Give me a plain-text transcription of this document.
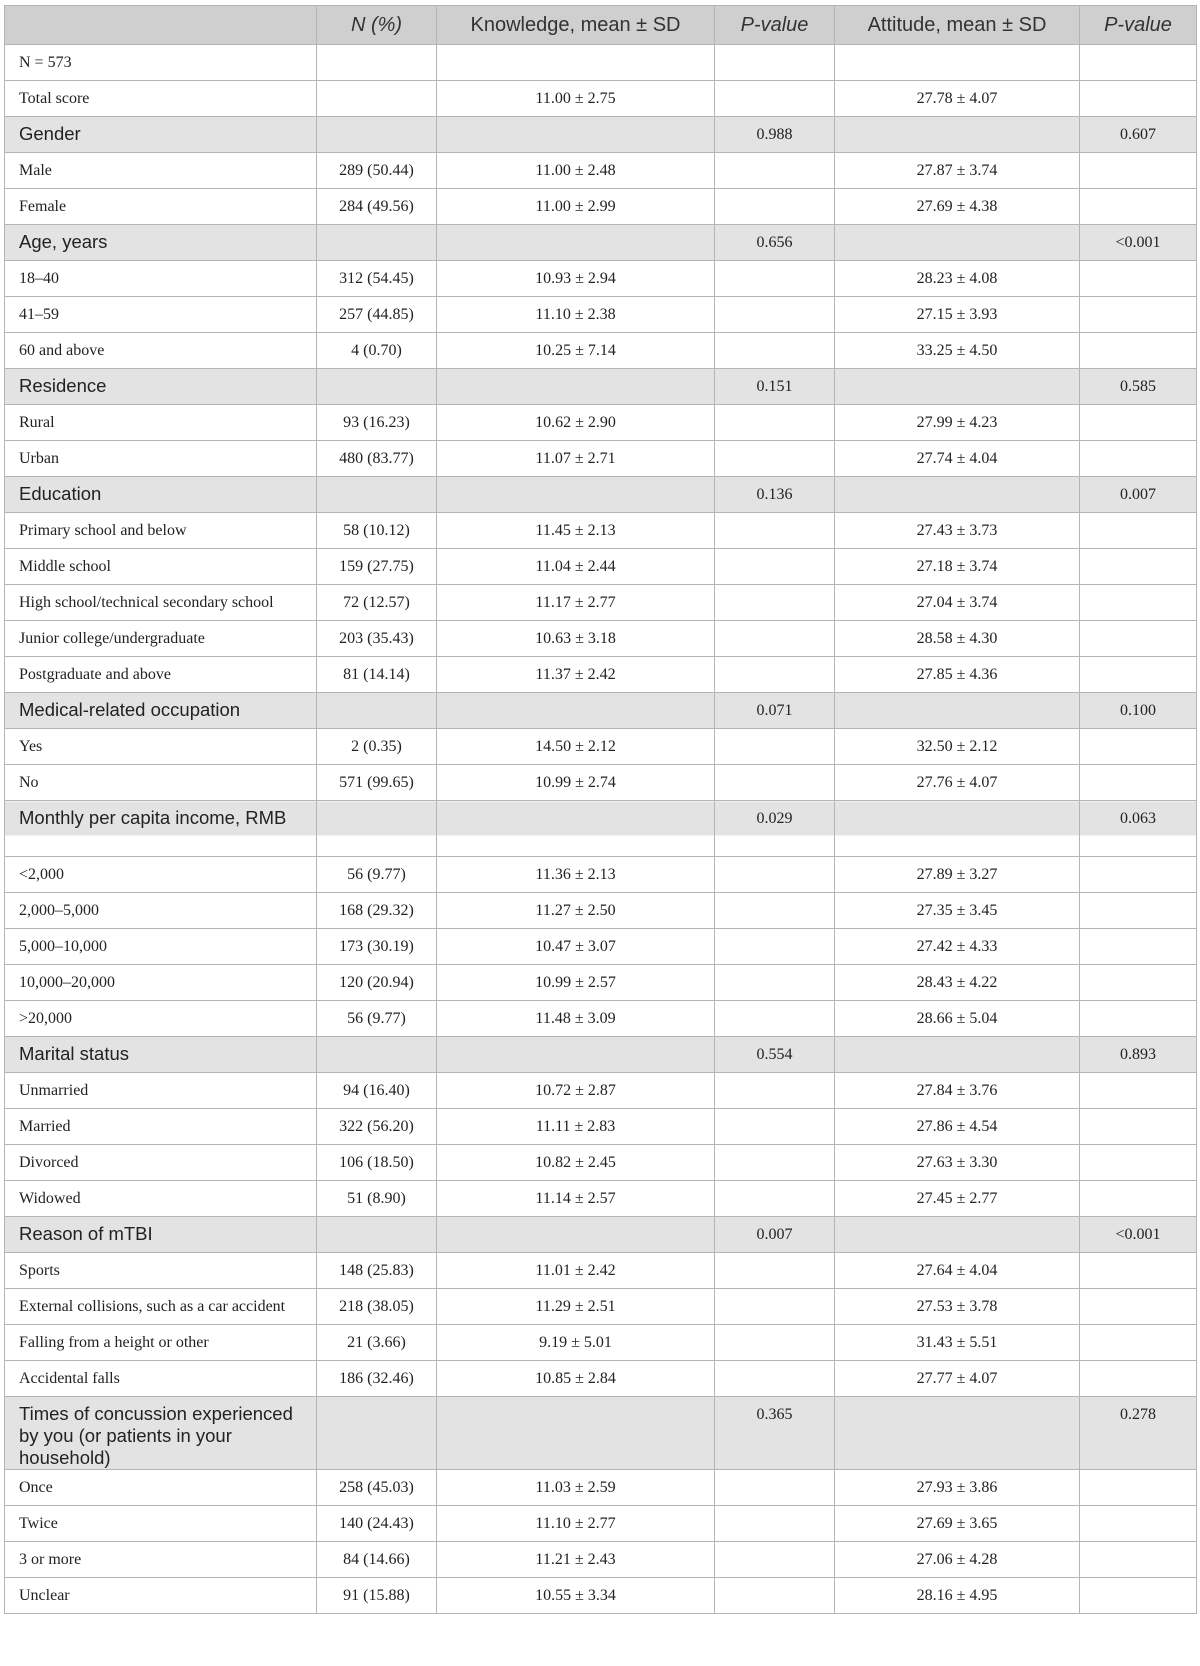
	N (%)	Knowledge, mean ± SD	P-value	Attitude, mean ± SD	P-value
N = 573					
Total score		11.00 ± 2.75		27.78 ± 4.07	
Gender			0.988		0.607
Male	289 (50.44)	11.00 ± 2.48		27.87 ± 3.74	
Female	284 (49.56)	11.00 ± 2.99		27.69 ± 4.38	
Age, years			0.656		<0.001
18–40	312 (54.45)	10.93 ± 2.94		28.23 ± 4.08	
41–59	257 (44.85)	11.10 ± 2.38		27.15 ± 3.93	
60 and above	4 (0.70)	10.25 ± 7.14		33.25 ± 4.50	
Residence			0.151		0.585
Rural	93 (16.23)	10.62 ± 2.90		27.99 ± 4.23	
Urban	480 (83.77)	11.07 ± 2.71		27.74 ± 4.04	
Education			0.136		0.007
Primary school and below	58 (10.12)	11.45 ± 2.13		27.43 ± 3.73	
Middle school	159 (27.75)	11.04 ± 2.44		27.18 ± 3.74	
High school/technical secondary school	72 (12.57)	11.17 ± 2.77		27.04 ± 3.74	
Junior college/undergraduate	203 (35.43)	10.63 ± 3.18		28.58 ± 4.30	
Postgraduate and above	81 (14.14)	11.37 ± 2.42		27.85 ± 4.36	
Medical-related occupation			0.071		0.100
Yes	2 (0.35)	14.50 ± 2.12		32.50 ± 2.12	
No	571 (99.65)	10.99 ± 2.74		27.76 ± 4.07	
Monthly per capita income, RMB			0.029		0.063
<2,000	56 (9.77)	11.36 ± 2.13		27.89 ± 3.27	
2,000–5,000	168 (29.32)	11.27 ± 2.50		27.35 ± 3.45	
5,000–10,000	173 (30.19)	10.47 ± 3.07		27.42 ± 4.33	
10,000–20,000	120 (20.94)	10.99 ± 2.57		28.43 ± 4.22	
>20,000	56 (9.77)	11.48 ± 3.09		28.66 ± 5.04	
Marital status			0.554		0.893
Unmarried	94 (16.40)	10.72 ± 2.87		27.84 ± 3.76	
Married	322 (56.20)	11.11 ± 2.83		27.86 ± 4.54	
Divorced	106 (18.50)	10.82 ± 2.45		27.63 ± 3.30	
Widowed	51 (8.90)	11.14 ± 2.57		27.45 ± 2.77	
Reason of mTBI			0.007		<0.001
Sports	148 (25.83)	11.01 ± 2.42		27.64 ± 4.04	
External collisions, such as a car accident	218 (38.05)	11.29 ± 2.51		27.53 ± 3.78	
Falling from a height or other	21 (3.66)	9.19 ± 5.01		31.43 ± 5.51	
Accidental falls	186 (32.46)	10.85 ± 2.84		27.77 ± 4.07	
Times of concussion experienced by you (or patients in your household)			0.365		0.278
Once	258 (45.03)	11.03 ± 2.59		27.93 ± 3.86	
Twice	140 (24.43)	11.10 ± 2.77		27.69 ± 3.65	
3 or more	84 (14.66)	11.21 ± 2.43		27.06 ± 4.28	
Unclear	91 (15.88)	10.55 ± 3.34		28.16 ± 4.95	
